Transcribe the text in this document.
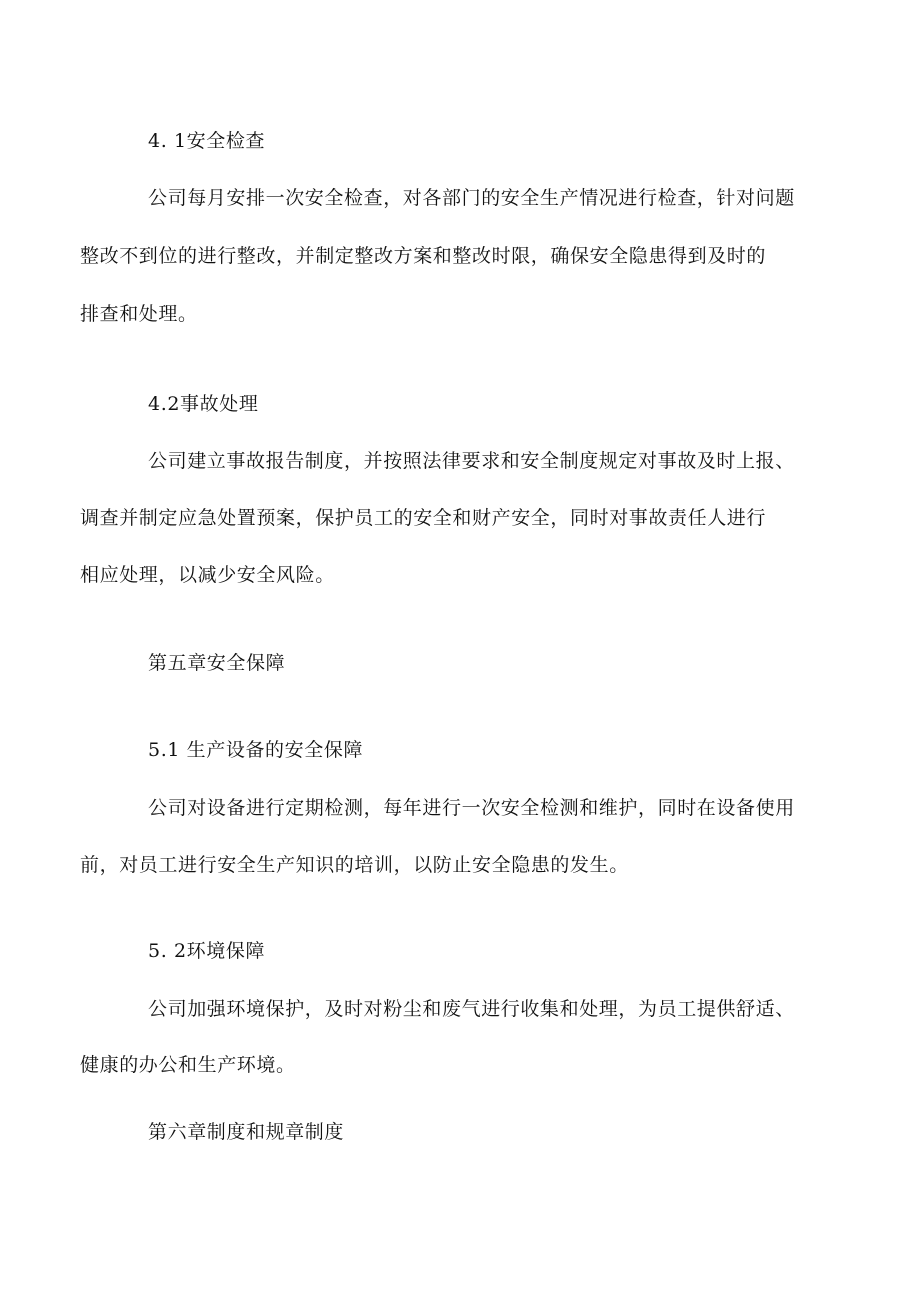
4. 1安全检查
公司每月安排一次安全检查，对各部门的安全生产情况进行检查，针对问题
整改不到位的进行整改，并制定整改方案和整改时限，确保安全隐患得到及时的
排查和处理。
4.2事故处理
公司建立事故报告制度，并按照法律要求和安全制度规定对事故及时上报、
调查并制定应急处置预案，保护员工的安全和财产安全，同时对事故责任人进行
相应处理，以减少安全风险。
第五章安全保障
5.1 生产设备的安全保障
公司对设备进行定期检测，每年进行一次安全检测和维护，同时在设备使用
前，对员工进行安全生产知识的培训，以防止安全隐患的发生。
5. 2环境保障
公司加强环境保护，及时对粉尘和废气进行收集和处理，为员工提供舒适、
健康的办公和生产环境。
第六章制度和规章制度
